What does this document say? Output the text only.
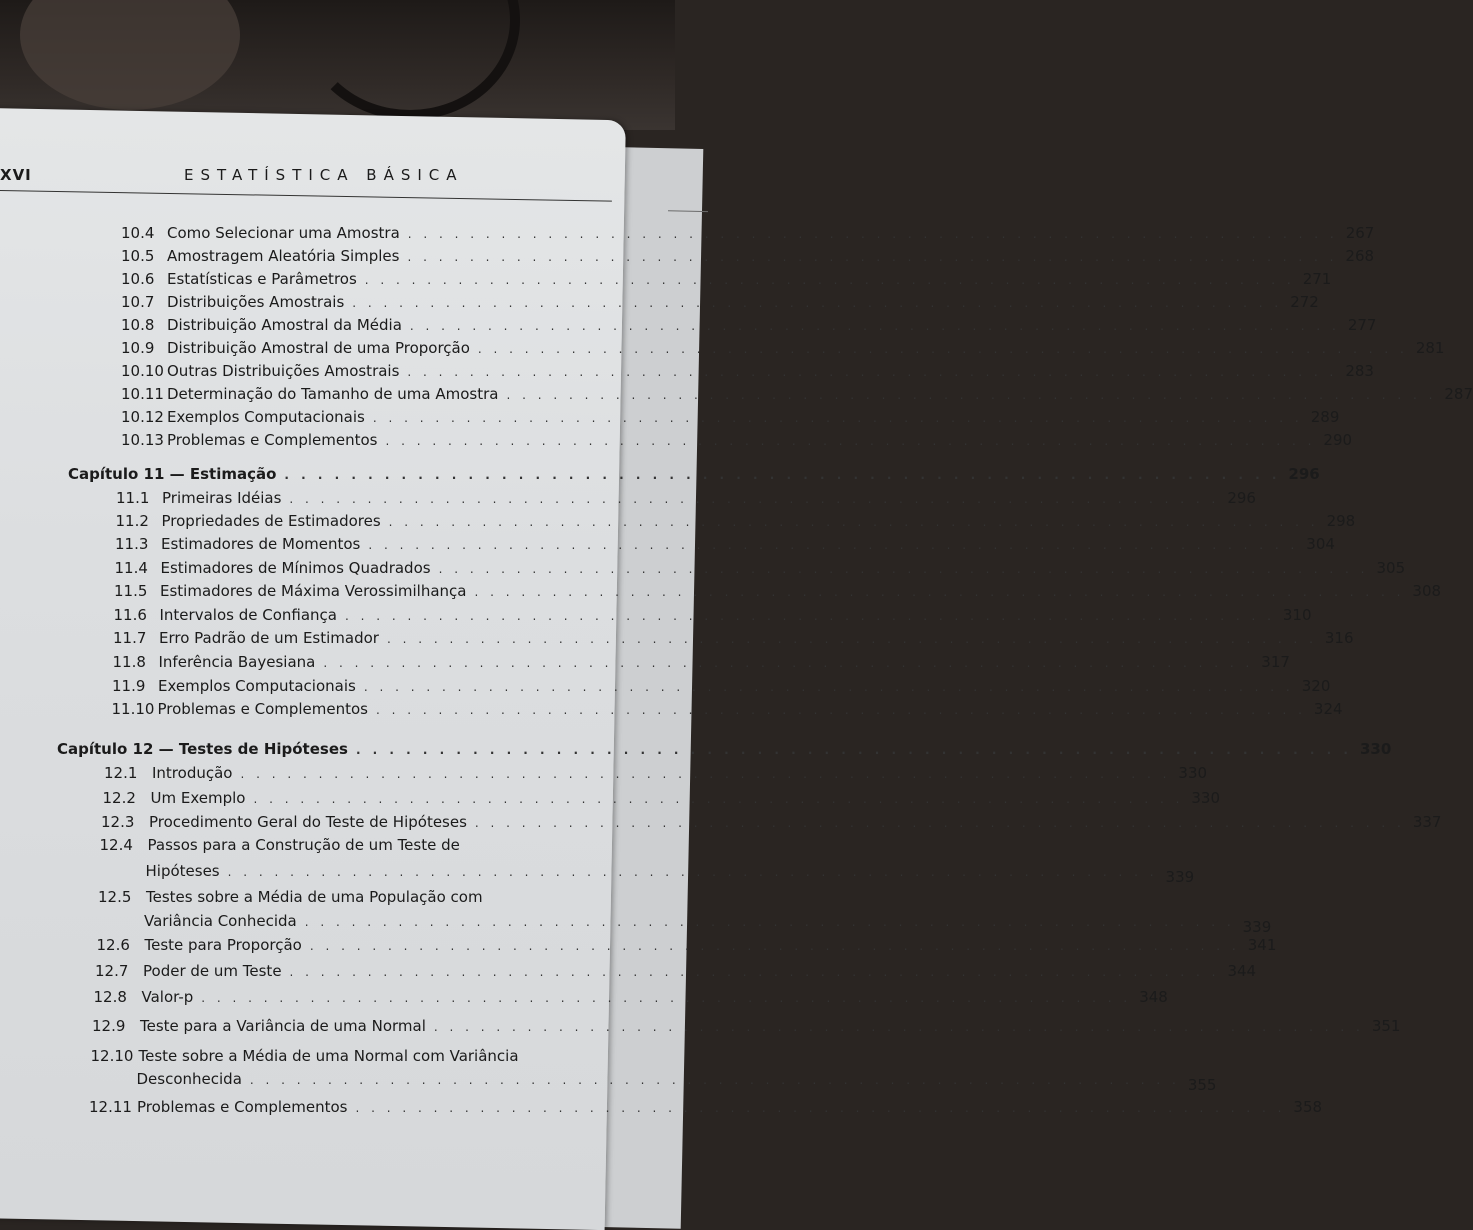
XVI	ESTATÍSTICA BÁSICA
10.4 Como Selecionar uma Amostra . . . . . . . . . . . . . . . . . . . . . . . . . . . . . . . . . . . . . . . . . . . . . . . . . . . . . . . . . . . . 267
10.5 Amostragem Aleatória Simples . . . . . . . . . . . . . . . . . . . . . . . . . . . . . . . . . . . . . . . . . . . . . . . . . . . . . . . . . . . . 268
10.6 Estatísticas e Parâmetros . . . . . . . . . . . . . . . . . . . . . . . . . . . . . . . . . . . . . . . . . . . . . . . . . . . . . . . . . . . . 271
10.7 Distribuições Amostrais . . . . . . . . . . . . . . . . . . . . . . . . . . . . . . . . . . . . . . . . . . . . . . . . . . . . . . . . . . . . 272
10.8 Distribuição Amostral da Média . . . . . . . . . . . . . . . . . . . . . . . . . . . . . . . . . . . . . . . . . . . . . . . . . . . . . . . . . . . . 277
10.9 Distribuição Amostral de uma Proporção . . . . . . . . . . . . . . . . . . . . . . . . . . . . . . . . . . . . . . . . . . . . . . . . . . . . . . . . . . . . 281
10.10 Outras Distribuições Amostrais . . . . . . . . . . . . . . . . . . . . . . . . . . . . . . . . . . . . . . . . . . . . . . . . . . . . . . . . . . . . 283
10.11 Determinação do Tamanho de uma Amostra . . . . . . . . . . . . . . . . . . . . . . . . . . . . . . . . . . . . . . . . . . . . . . . . . . . . . . . . . . . . 287
10.12 Exemplos Computacionais . . . . . . . . . . . . . . . . . . . . . . . . . . . . . . . . . . . . . . . . . . . . . . . . . . . . . . . . . . . . 289
10.13 Problemas e Complementos . . . . . . . . . . . . . . . . . . . . . . . . . . . . . . . . . . . . . . . . . . . . . . . . . . . . . . . . . . . . 290
Capítulo 11 — Estimação . . . . . . . . . . . . . . . . . . . . . . . . . . . . . . . . . . . . . . . . . . . . . . . . . . . . . . . . . . . . 296
11.1 Primeiras Idéias . . . . . . . . . . . . . . . . . . . . . . . . . . . . . . . . . . . . . . . . . . . . . . . . . . . . . . . . . . . . 296
11.2 Propriedades de Estimadores . . . . . . . . . . . . . . . . . . . . . . . . . . . . . . . . . . . . . . . . . . . . . . . . . . . . . . . . . . . . 298
11.3 Estimadores de Momentos . . . . . . . . . . . . . . . . . . . . . . . . . . . . . . . . . . . . . . . . . . . . . . . . . . . . . . . . . . . . 304
11.4 Estimadores de Mínimos Quadrados . . . . . . . . . . . . . . . . . . . . . . . . . . . . . . . . . . . . . . . . . . . . . . . . . . . . . . . . . . . . 305
11.5 Estimadores de Máxima Verossimilhança . . . . . . . . . . . . . . . . . . . . . . . . . . . . . . . . . . . . . . . . . . . . . . . . . . . . . . . . . . . . 308
11.6 Intervalos de Confiança . . . . . . . . . . . . . . . . . . . . . . . . . . . . . . . . . . . . . . . . . . . . . . . . . . . . . . . . . . . . 310
11.7 Erro Padrão de um Estimador . . . . . . . . . . . . . . . . . . . . . . . . . . . . . . . . . . . . . . . . . . . . . . . . . . . . . . . . . . . . 316
11.8 Inferência Bayesiana . . . . . . . . . . . . . . . . . . . . . . . . . . . . . . . . . . . . . . . . . . . . . . . . . . . . . . . . . . . . 317
11.9 Exemplos Computacionais . . . . . . . . . . . . . . . . . . . . . . . . . . . . . . . . . . . . . . . . . . . . . . . . . . . . . . . . . . . . 320
11.10 Problemas e Complementos . . . . . . . . . . . . . . . . . . . . . . . . . . . . . . . . . . . . . . . . . . . . . . . . . . . . . . . . . . . . 324
Capítulo 12 — Testes de Hipóteses . . . . . . . . . . . . . . . . . . . . . . . . . . . . . . . . . . . . . . . . . . . . . . . . . . . . . . . . . . . . 330
12.1 Introdução . . . . . . . . . . . . . . . . . . . . . . . . . . . . . . . . . . . . . . . . . . . . . . . . . . . . . . . . . . . . 330
12.2 Um Exemplo . . . . . . . . . . . . . . . . . . . . . . . . . . . . . . . . . . . . . . . . . . . . . . . . . . . . . . . . . . . . 330
12.3 Procedimento Geral do Teste de Hipóteses . . . . . . . . . . . . . . . . . . . . . . . . . . . . . . . . . . . . . . . . . . . . . . . . . . . . . . . . . . . . 337
12.4 Passos para a Construção de um Teste de
Hipóteses . . . . . . . . . . . . . . . . . . . . . . . . . . . . . . . . . . . . . . . . . . . . . . . . . . . . . . . . . . . . 339
12.5 Testes sobre a Média de uma População com
Variância Conhecida . . . . . . . . . . . . . . . . . . . . . . . . . . . . . . . . . . . . . . . . . . . . . . . . . . . . . . . . . . . . 339
12.6 Teste para Proporção . . . . . . . . . . . . . . . . . . . . . . . . . . . . . . . . . . . . . . . . . . . . . . . . . . . . . . . . . . . . 341
12.7 Poder de um Teste . . . . . . . . . . . . . . . . . . . . . . . . . . . . . . . . . . . . . . . . . . . . . . . . . . . . . . . . . . . . 344
12.8 Valor-p . . . . . . . . . . . . . . . . . . . . . . . . . . . . . . . . . . . . . . . . . . . . . . . . . . . . . . . . . . . . 348
12.9 Teste para a Variância de uma Normal . . . . . . . . . . . . . . . . . . . . . . . . . . . . . . . . . . . . . . . . . . . . . . . . . . . . . . . . . . . . 351
12.10 Teste sobre a Média de uma Normal com Variância
Desconhecida . . . . . . . . . . . . . . . . . . . . . . . . . . . . . . . . . . . . . . . . . . . . . . . . . . . . . . . . . . . . 355
12.11 Problemas e Complementos . . . . . . . . . . . . . . . . . . . . . . . . . . . . . . . . . . . . . . . . . . . . . . . . . . . . . . . . . . . . 358
